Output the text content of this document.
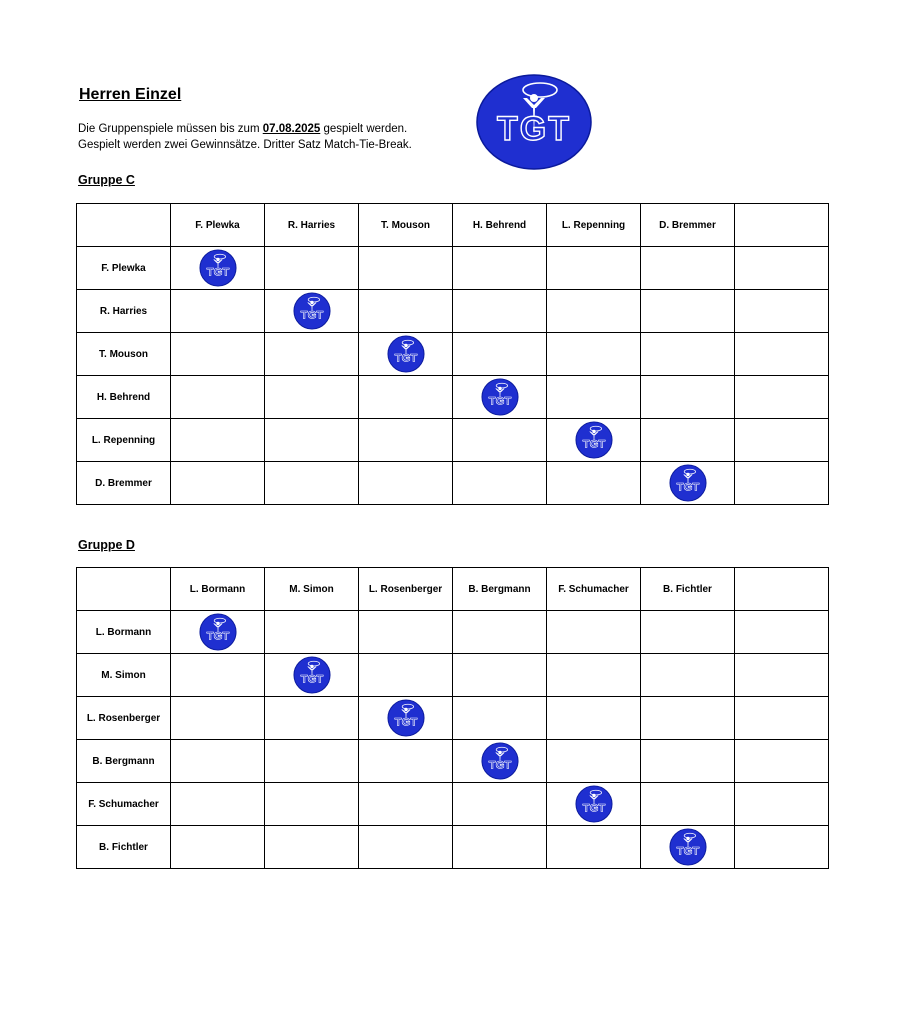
Herren Einzel
Die Gruppenspiele müssen bis zum 07.08.2025 gespielt werden.
Gespielt werden zwei Gewinnsätze. Dritter Satz Match-Tie-Break.	TGT
Gruppe C
	F. Plewka	R. Harries	T. Mouson	H. Behrend	L. Repenning	D. Bremmer	
F. Plewka	TGT						

R. Harries		TGT					

T. Mouson			TGT				

H. Behrend				TGT			

L. Repenning					TGT		

D. Bremmer						TGT	

Gruppe D
	L. Bormann	M. Simon	L. Rosenberger	B. Bergmann	F. Schumacher	B. Fichtler	
L. Bormann	TGT						

M. Simon		TGT					

L. Rosenberger			TGT				

B. Bergmann				TGT			

F. Schumacher					TGT		

B. Fichtler						TGT	
